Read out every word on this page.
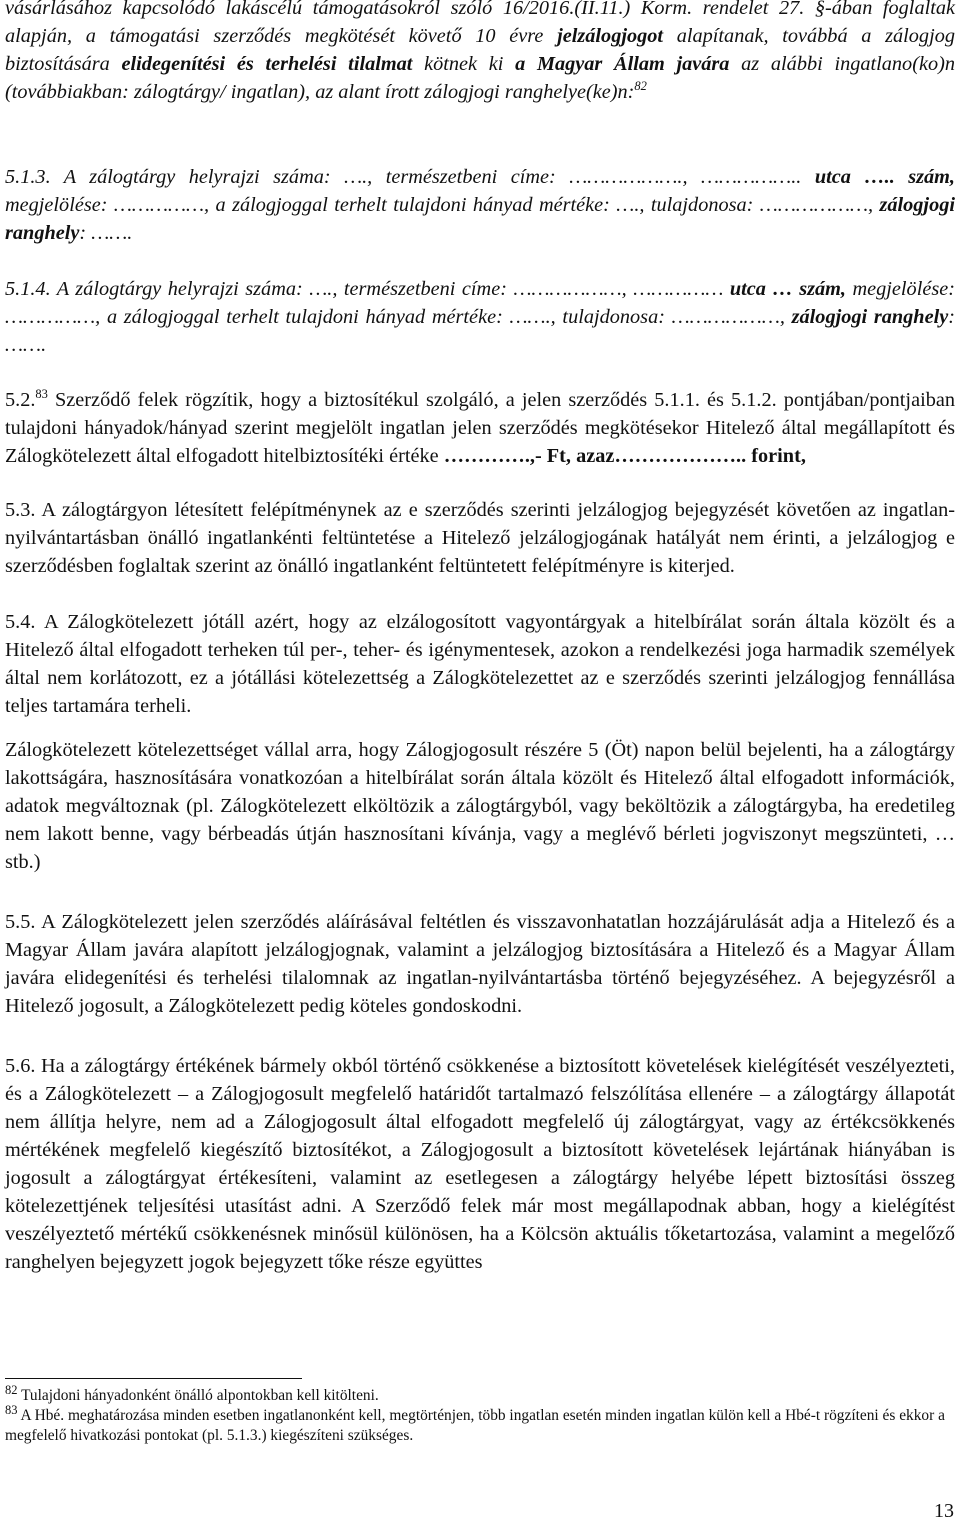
vásárlásához kapcsolódó lakáscélú támogatásokról szóló 16/2016.(II.11.) Korm. rendelet 27. §-ában foglaltak alapján, a támogatási szerződés megkötését követő 10 évre jelzálogjogot alapítanak, továbbá a zálogjog biztosítására elidegenítési és terhelési tilalmat kötnek ki a Magyar Állam javára az alábbi ingatlano(ko)n (továbbiakban: zálogtárgy/ ingatlan), az alant írott zálogjogi ranghelye(ke)n:$^{82}$

5.1.3. A zálogtárgy helyrajzi száma: …., természetbeni címe: ………………., …………….. utca ….. szám, megjelölése: ……………, a zálogjoggal terhelt tulajdoni hányad mértéke: …., tulajdonosa: ………………, zálogjogi ranghely: …….

5.1.4. A zálogtárgy helyrajzi száma: …., természetbeni címe: ………………, …………… utca … szám, megjelölése: ……………, a zálogjoggal terhelt tulajdoni hányad mértéke: ……., tulajdonosa: ………………, zálogjogi ranghely: …….

5.2.83 Szerződő felek rögzítik, hogy a biztosítékul szolgáló, a jelen szerződés 5.1.1. és 5.1.2. pontjában/pontjaiban tulajdoni hányadok/hányad szerint megjelölt ingatlan jelen szerződés megkötésekor Hitelező által megállapított és Zálogkötelezett által elfogadott hitelbiztosítéki értéke ………….,- Ft, azaz……………….. forint,

5.3. A zálogtárgyon létesített felépítménynek az e szerződés szerinti jelzálogjog bejegyzését követően az ingatlan-nyilvántartásban önálló ingatlankénti feltüntetése a Hitelező jelzálogjogának hatályát nem érinti, a jelzálogjog e szerződésben foglaltak szerint az önálló ingatlanként feltüntetett felépítményre is kiterjed.

5.4. A Zálogkötelezett jótáll azért, hogy az elzálogosított vagyontárgyak a hitelbírálat során általa közölt és a Hitelező által elfogadott terheken túl per-, teher- és igénymentesek, azokon a rendelkezési joga harmadik személyek által nem korlátozott, ez a jótállási kötelezettség a Zálogkötelezettet az e szerződés szerinti jelzálogjog fennállása teljes tartamára terheli.

Zálogkötelezett kötelezettséget vállal arra, hogy Zálogjogosult részére 5 (Öt) napon belül bejelenti, ha a zálogtárgy lakottságára, hasznosítására vonatkozóan a hitelbírálat során általa közölt és Hitelező által elfogadott információk, adatok megváltoznak (pl. Zálogkötelezett elköltözik a zálogtárgyból, vagy beköltözik a zálogtárgyba, ha eredetileg nem lakott benne, vagy bérbeadás útján hasznosítani kívánja, vagy a meglévő bérleti jogviszonyt megszünteti, … stb.)

5.5. A Zálogkötelezett jelen szerződés aláírásával feltétlen és visszavonhatatlan hozzájárulását adja a Hitelező és a Magyar Állam javára alapított jelzálogjognak, valamint a jelzálogjog biztosítására a Hitelező és a Magyar Állam javára elidegenítési és terhelési tilalomnak az ingatlan-nyilvántartásba történő bejegyzéséhez. A bejegyzésről a Hitelező jogosult, a Zálogkötelezett pedig köteles gondoskodni.

5.6. Ha a zálogtárgy értékének bármely okból történő csökkenése a biztosított követelések kielégítését veszélyezteti, és a Zálogkötelezett ‒ a Zálogjogosult megfelelő határidőt tartalmazó felszólítása ellenére ‒ a zálogtárgy állapotát nem állítja helyre, nem ad a Zálogjogosult által elfogadott megfelelő új zálogtárgyat, vagy az értékcsökkenés mértékének megfelelő kiegészítő biztosítékot, a Zálogjogosult a biztosított követelések lejártának hiányában is jogosult a zálogtárgyat értékesíteni, valamint az esetlegesen a zálogtárgy helyébe lépett biztosítási összeg kötelezettjének teljesítési utasítást adni. A Szerződő felek már most megállapodnak abban, hogy a kielégítést veszélyeztető mértékű csökkenésnek minősül különösen, ha a Kölcsön aktuális tőketartozása, valamint a megelőző ranghelyen bejegyzett jogok bejegyzett tőke része együttes

$^{82}$ Tulajdoni hányadonként önálló alpontokban kell kitölteni.

$^{83}$ A Hbé. meghatározása minden esetben ingatlanonként kell, megtörténjen, több ingatlan esetén minden ingatlan külön kell a Hbé-t rögzíteni és ekkor a megfelelő hivatkozási pontokat (pl. 5.1.3.) kiegészíteni szükséges.

13
